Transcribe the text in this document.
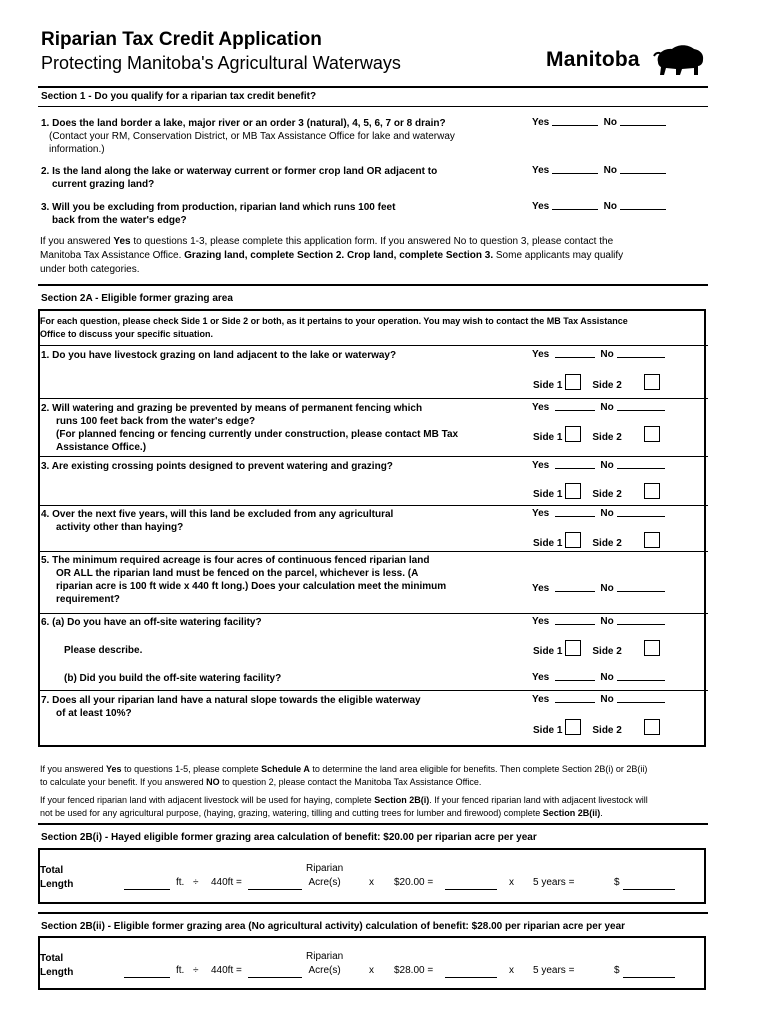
Riparian Tax Credit Application
Protecting Manitoba's Agricultural Waterways	Manitoba
Section 1 - Do you qualify for a riparian tax credit benefit?
1. Does the land border a lake, major river or an order 3 (natural), 4, 5, 6, 7 or 8 drain?
(Contact your RM, Conservation District, or MB Tax Assistance Office for lake and waterway
information.)
Yes	No
2. Is the land along the lake or waterway current or former crop land OR adjacent to
current grazing land?
Yes	No
3. Will you be excluding from production, riparian land which runs 100 feet
back from the water's edge?
Yes	No
If you answered Yes to questions 1-3, please complete this application form. If you answered No to question 3, please contact the
Manitoba Tax Assistance Office. Grazing land, complete Section 2. Crop land, complete Section 3. Some applicants may qualify
under both categories.
Section 2A - Eligible former grazing area
For each question, please check Side 1 or Side 2 or both, as it pertains to your operation. You may wish to contact the MB Tax Assistance
Office to discuss your specific situation.
1. Do you have livestock grazing on land adjacent to the lake or waterway?	Yes	No
Side 1	Side 2
2. Will watering and grazing be prevented by means of permanent fencing which
runs 100 feet back from the water's edge?
(For planned fencing or fencing currently under construction, please contact MB Tax
Assistance Office.)
Yes	No
Side 1	Side 2
3. Are existing crossing points designed to prevent watering and grazing?	Yes	No
Side 1	Side 2
4. Over the next five years, will this land be excluded from any agricultural
activity other than haying?
Yes	No
Side 1	Side 2
5. The minimum required acreage is four acres of continuous fenced riparian land
OR ALL the riparian land must be fenced on the parcel, whichever is less. (A
riparian acre is 100 ft wide x 440 ft long.) Does your calculation meet the minimum
requirement?
Yes	No
6. (a) Do you have an off-site watering facility?	Yes	No
Please describe.	Side 1	Side 2
(b) Did you build the off-site watering facility?	Yes	No
7. Does all your riparian land have a natural slope towards the eligible waterway
of at least 10%?
Yes	No
Side 1	Side 2
If you answered Yes to questions 1-5, please complete Schedule A to determine the land area eligible for benefits. Then complete Section 2B(i) or 2B(ii)
to calculate your benefit. If you answered NO to question 2, please contact the Manitoba Tax Assistance Office.
If your fenced riparian land with adjacent livestock will be used for haying, complete Section 2B(i). If your fenced riparian land with adjacent livestock will
not be used for any agricultural purpose, (haying, grazing, watering, tilling and cutting trees for lumber and firewood) complete Section 2B(ii).
Section 2B(i) - Hayed eligible former grazing area calculation of benefit: $20.00 per riparian acre per year
Total
Length	ft. ÷ 440ft =
Riparian
Acre(s)	x $20.00 =	x 5 years =	$
Section 2B(ii) - Eligible former grazing area (No agricultural activity) calculation of benefit: $28.00 per riparian acre per year
Total
Length	ft. ÷ 440ft =
Riparian
Acre(s)	x $28.00 =	x 5 years =	$
